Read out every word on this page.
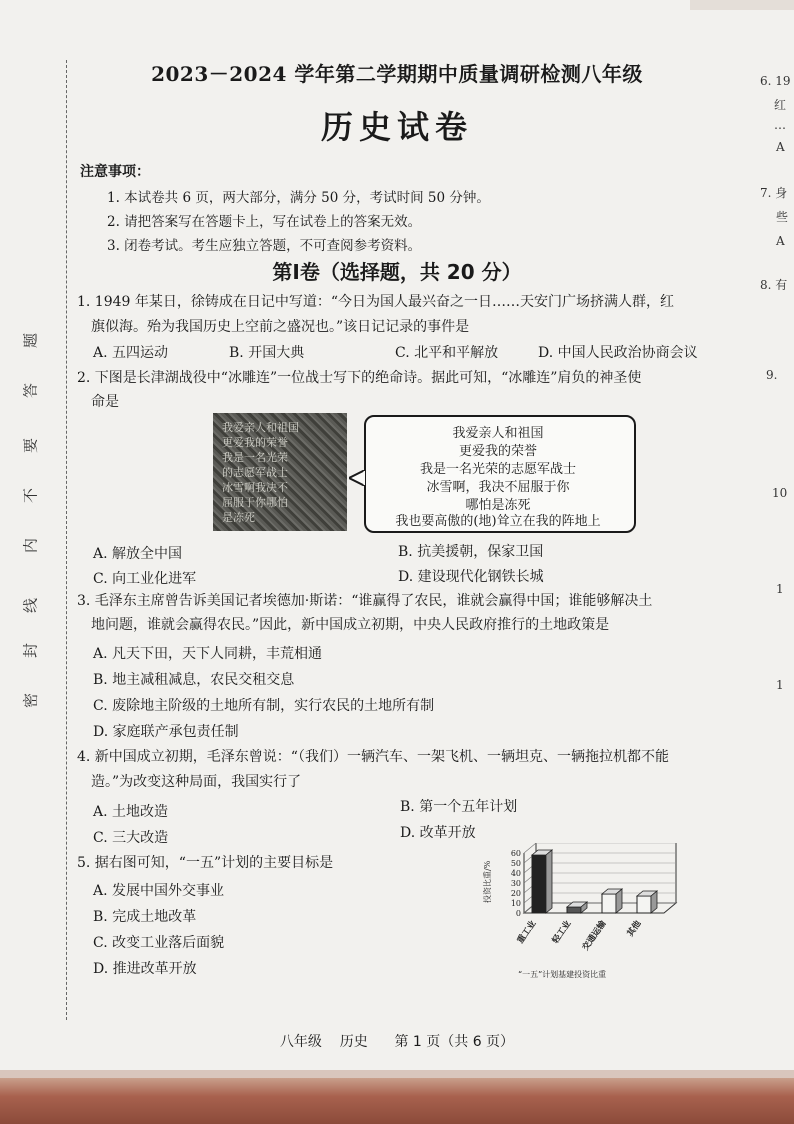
题
答
要
不
内
线
封
密
6. 19
红
…
A
7. 身
些
A
8. 有
9.
10
1
1
2023－2024 学年第二学期期中质量调研检测八年级
历史试卷
注意事项：
1. 本试卷共 6 页，两大部分，满分 50 分，考试时间 50 分钟。
2. 请把答案写在答题卡上，写在试卷上的答案无效。
3. 闭卷考试。考生应独立答题，不可查阅参考资料。
第Ⅰ卷（选择题，共 20 分）
1. 1949 年某日，徐铸成在日记中写道：“今日为国人最兴奋之一日……天安门广场挤满人群，红
旗似海。殆为我国历史上空前之盛况也。”该日记记录的事件是
A. 五四运动	B. 开国大典	C. 北平和平解放	D. 中国人民政治协商会议
2. 下图是长津湖战役中“冰雕连”一位战士写下的绝命诗。据此可知，“冰雕连”肩负的神圣使
命是
我爱亲人和祖国
更爱我的荣誉
我是一名光荣
的志愿军战士
冰雪啊我决不
屈服于你哪怕
是冻死
我爱亲人和祖国
更爱我的荣誉
我是一名光荣的志愿军战士
冰雪啊，我决不屈服于你
哪怕是冻死
我也要高傲的(地)耸立在我的阵地上
A. 解放全中国	B. 抗美援朝，保家卫国
C. 向工业化进军	D. 建设现代化钢铁长城
3. 毛泽东主席曾告诉美国记者埃德加·斯诺：“谁赢得了农民，谁就会赢得中国；谁能够解决土
地问题，谁就会赢得农民。”因此，新中国成立初期，中央人民政府推行的土地政策是
A. 凡天下田，天下人同耕，丰荒相通
B. 地主减租减息，农民交租交息
C. 废除地主阶级的土地所有制，实行农民的土地所有制
D. 家庭联产承包责任制
4. 新中国成立初期，毛泽东曾说：“（我们）一辆汽车、一架飞机、一辆坦克、一辆拖拉机都不能
造。”为改变这种局面，我国实行了
A. 土地改造	B. 第一个五年计划
C. 三大改造	D. 改革开放
5. 据右图可知，“一五”计划的主要目标是
A. 发展中国外交事业
B. 完成土地改革
C. 改变工业落后面貌
D. 推进改革开放
0
10
20
30
40
50
60
投资比重/%
重工业 轻工业 交通运输 其他
“一五”计划基建投资比重
八年级 历史 第 1 页（共 6 页）
